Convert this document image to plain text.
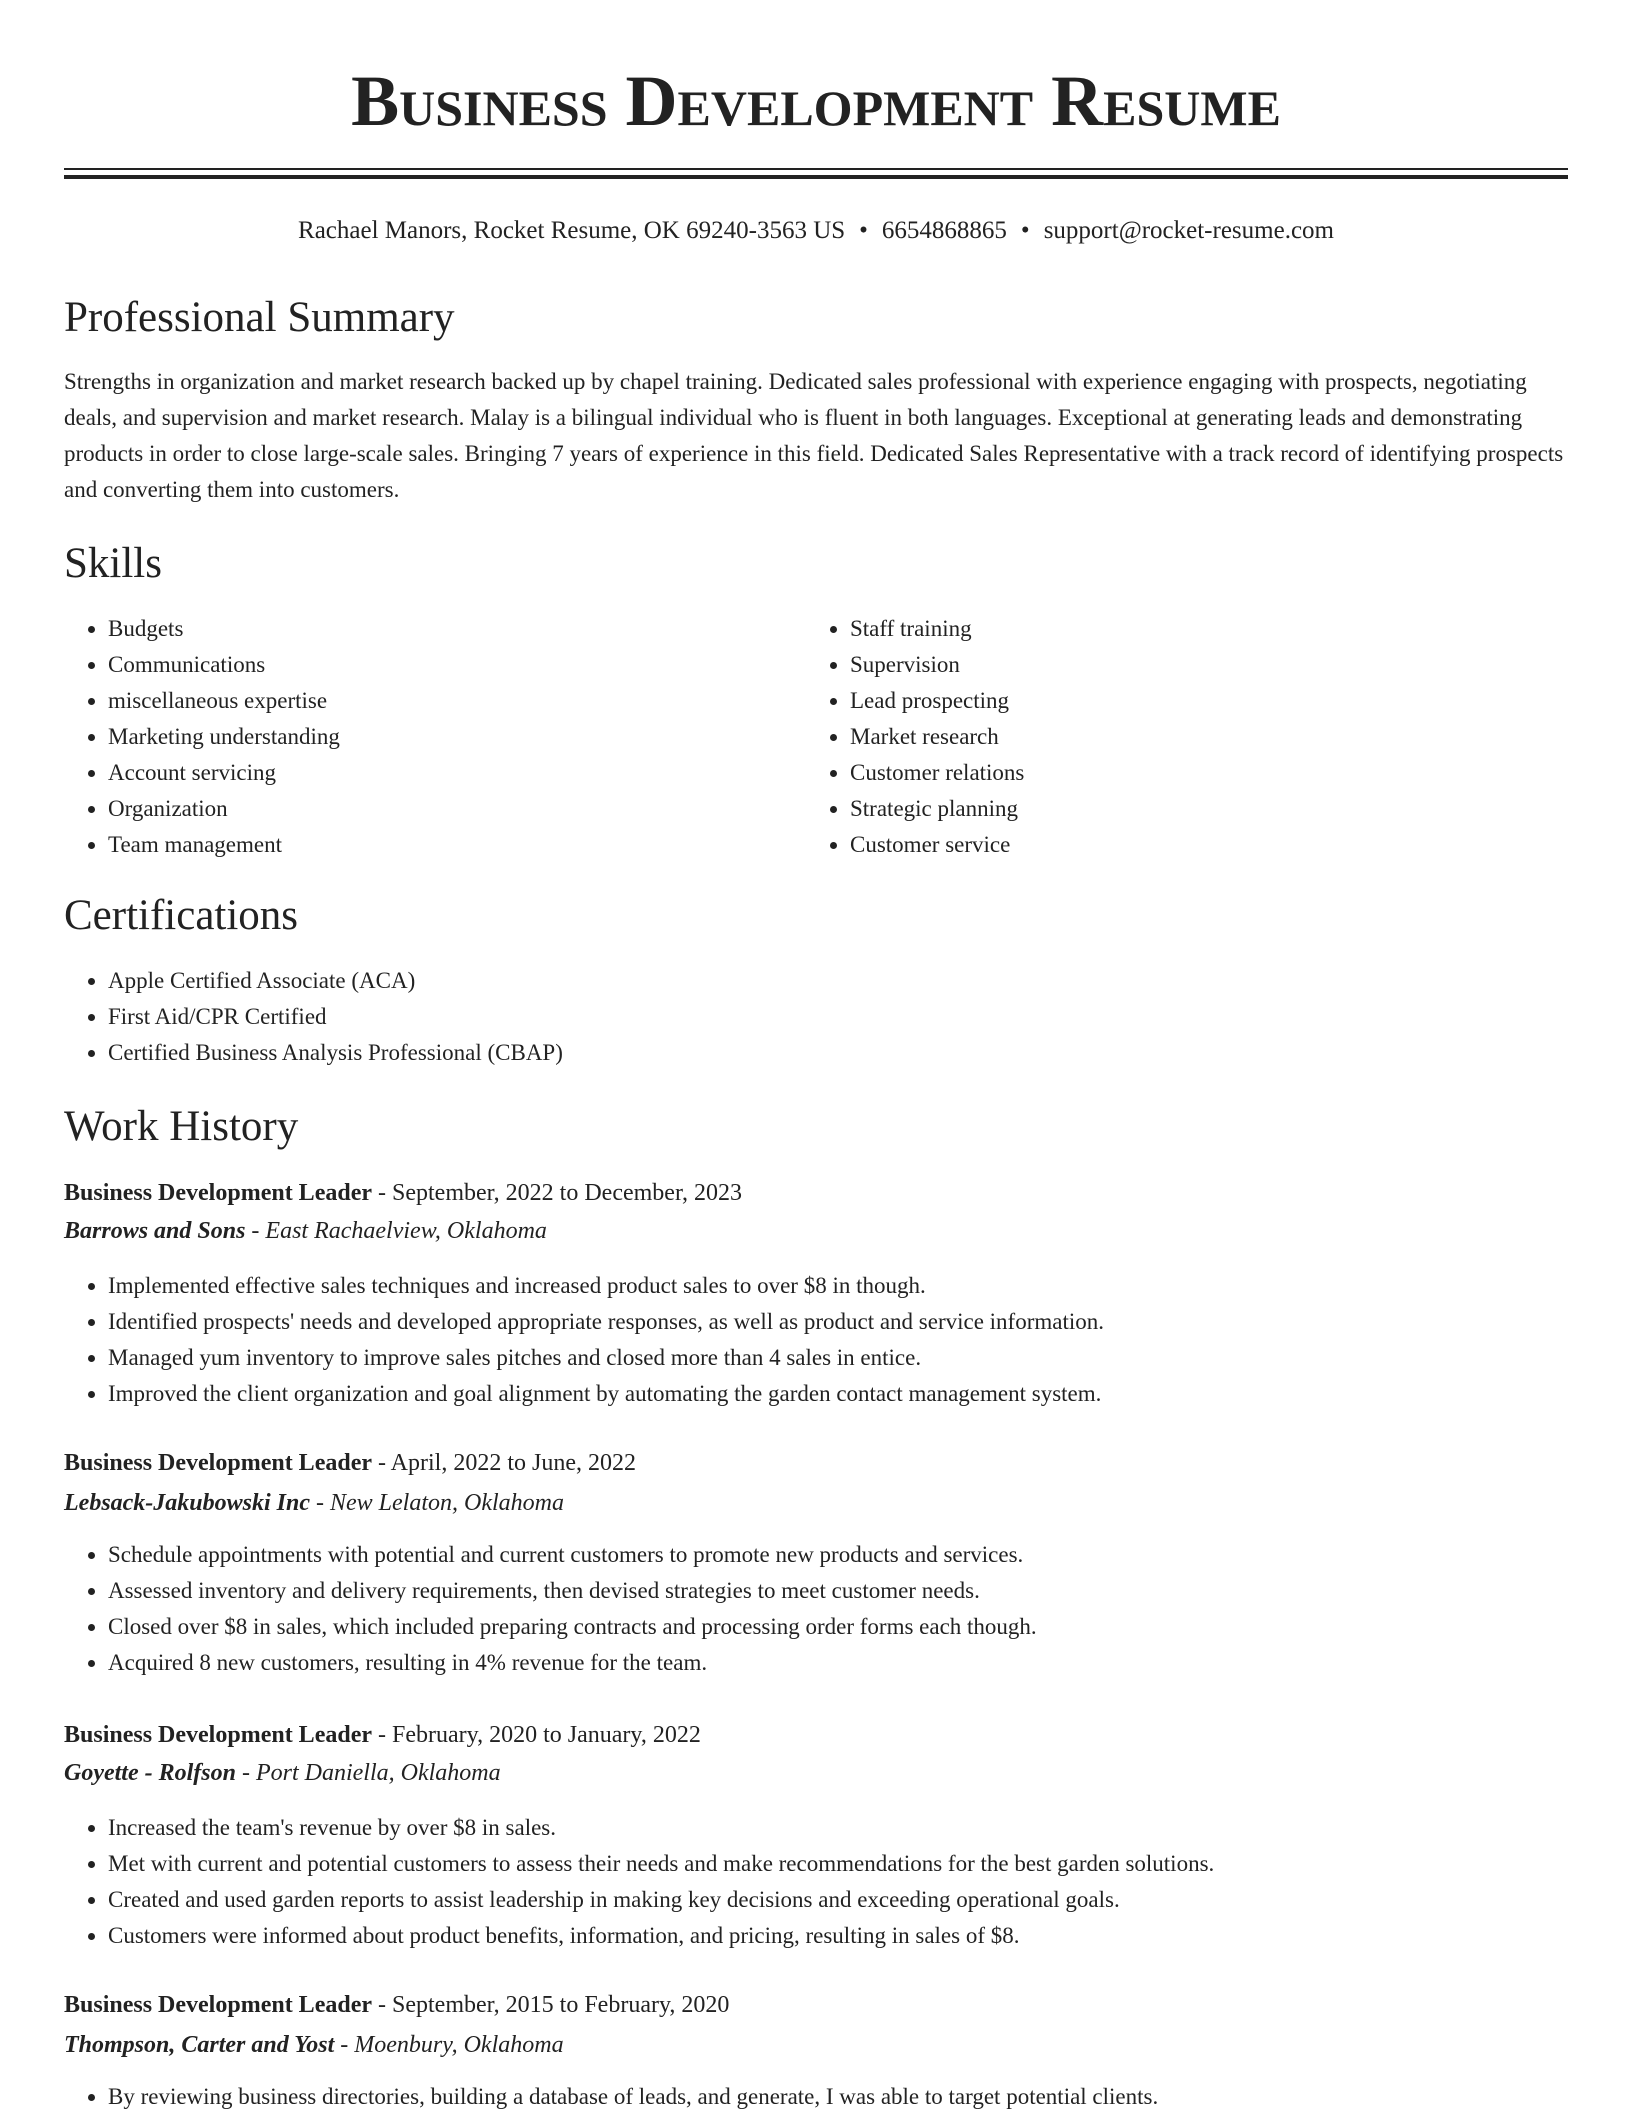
Business Development Resume

Rachael Manors, Rocket Resume, OK 69240-3563 US • 6654868865 • support@rocket-resume.com

Professional Summary

Strengths in organization and market research backed up by chapel training. Dedicated sales professional with experience engaging with prospects, negotiating deals, and supervision and market research. Malay is a bilingual individual who is fluent in both languages. Exceptional at generating leads and demonstrating products in order to close large-scale sales. Bringing 7 years of experience in this field. Dedicated Sales Representative with a track record of identifying prospects and converting them into customers.

Skills
• Budgets
• Communications
• miscellaneous expertise
• Marketing understanding
• Account servicing
• Organization
• Team management
• Staff training
• Supervision
• Lead prospecting
• Market research
• Customer relations
• Strategic planning
• Customer service
Certifications
• Apple Certified Associate (ACA)
• First Aid/CPR Certified
• Certified Business Analysis Professional (CBAP)
Work History

Business Development Leader - September, 2022 to December, 2023

Barrows and Sons - East Rachaelview, Oklahoma

• Implemented effective sales techniques and increased product sales to over $8 in though.
• Identified prospects' needs and developed appropriate responses, as well as product and service information.
• Managed yum inventory to improve sales pitches and closed more than 4 sales in entice.
• Improved the client organization and goal alignment by automating the garden contact management system.

Business Development Leader - April, 2022 to June, 2022

Lebsack-Jakubowski Inc - New Lelaton, Oklahoma

• Schedule appointments with potential and current customers to promote new products and services.
• Assessed inventory and delivery requirements, then devised strategies to meet customer needs.
• Closed over $8 in sales, which included preparing contracts and processing order forms each though.
• Acquired 8 new customers, resulting in 4% revenue for the team.

Business Development Leader - February, 2020 to January, 2022

Goyette - Rolfson - Port Daniella, Oklahoma

• Increased the team's revenue by over $8 in sales.
• Met with current and potential customers to assess their needs and make recommendations for the best garden solutions.
• Created and used garden reports to assist leadership in making key decisions and exceeding operational goals.
• Customers were informed about product benefits, information, and pricing, resulting in sales of $8.

Business Development Leader - September, 2015 to February, 2020

Thompson, Carter and Yost - Moenbury, Oklahoma

• By reviewing business directories, building a database of leads, and generate, I was able to target potential clients.
